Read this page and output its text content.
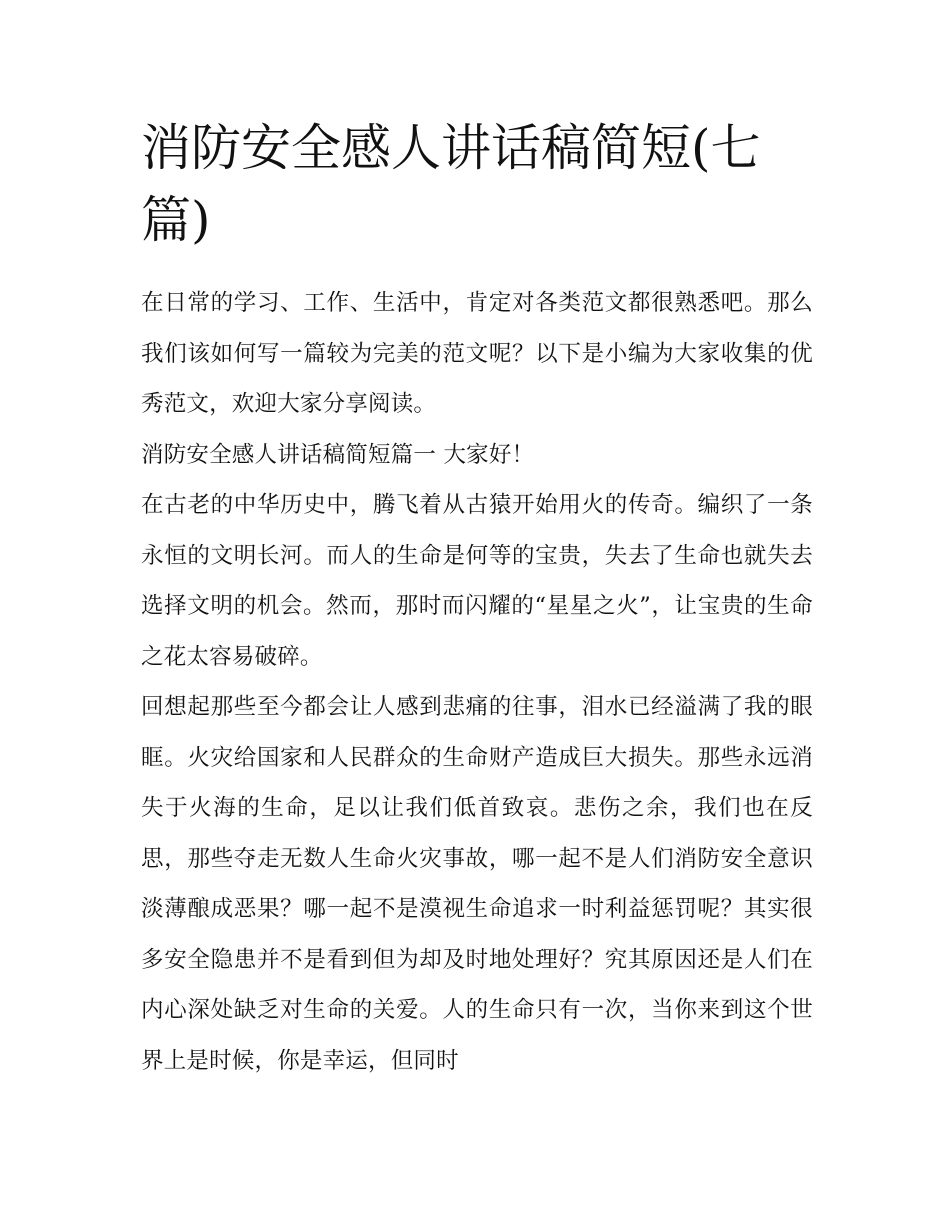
消防安全感人讲话稿简短(七篇)

在日常的学习、工作、生活中，肯定对各类范文都很熟悉吧。那么我们该如何写一篇较为完美的范文呢？以下是小编为大家收集的优秀范文，欢迎大家分享阅读。

消防安全感人讲话稿简短篇一 大家好！

在古老的中华历史中，腾飞着从古猿开始用火的传奇。编织了一条永恒的文明长河。而人的生命是何等的宝贵，失去了生命也就失去选择文明的机会。然而，那时而闪耀的“星星之火”，让宝贵的生命之花太容易破碎。

回想起那些至今都会让人感到悲痛的往事，泪水已经溢满了我的眼眶。火灾给国家和人民群众的生命财产造成巨大损失。那些永远消失于火海的生命，足以让我们低首致哀。悲伤之余，我们也在反思，那些夺走无数人生命火灾事故，哪一起不是人们消防安全意识淡薄酿成恶果？哪一起不是漠视生命追求一时利益惩罚呢？其实很多安全隐患并不是看到但为却及时地处理好？究其原因还是人们在内心深处缺乏对生命的关爱。人的生命只有一次，当你来到这个世界上是时候，你是幸运，但同时
